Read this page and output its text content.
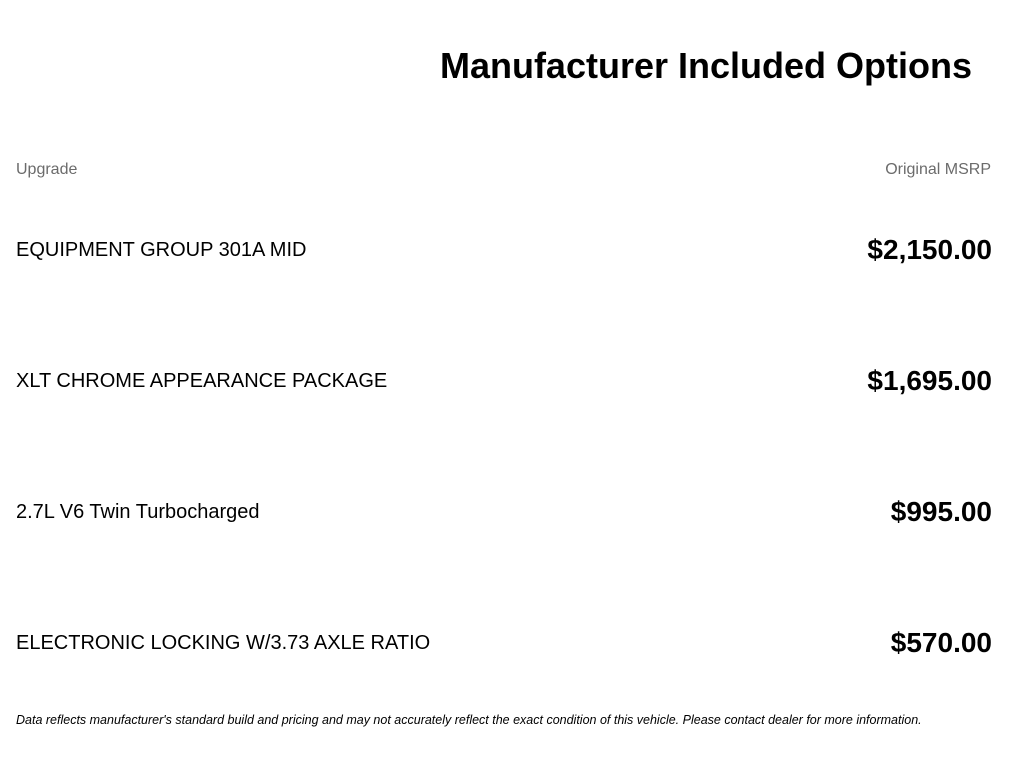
Manufacturer Included Options
Upgrade	Original MSRP
EQUIPMENT GROUP 301A MID	$2,150.00
XLT CHROME APPEARANCE PACKAGE	$1,695.00
2.7L V6 Twin Turbocharged	$995.00
ELECTRONIC LOCKING W/3.73 AXLE RATIO	$570.00
Data reflects manufacturer's standard build and pricing and may not accurately reflect the exact condition of this vehicle. Please contact dealer for more information.
